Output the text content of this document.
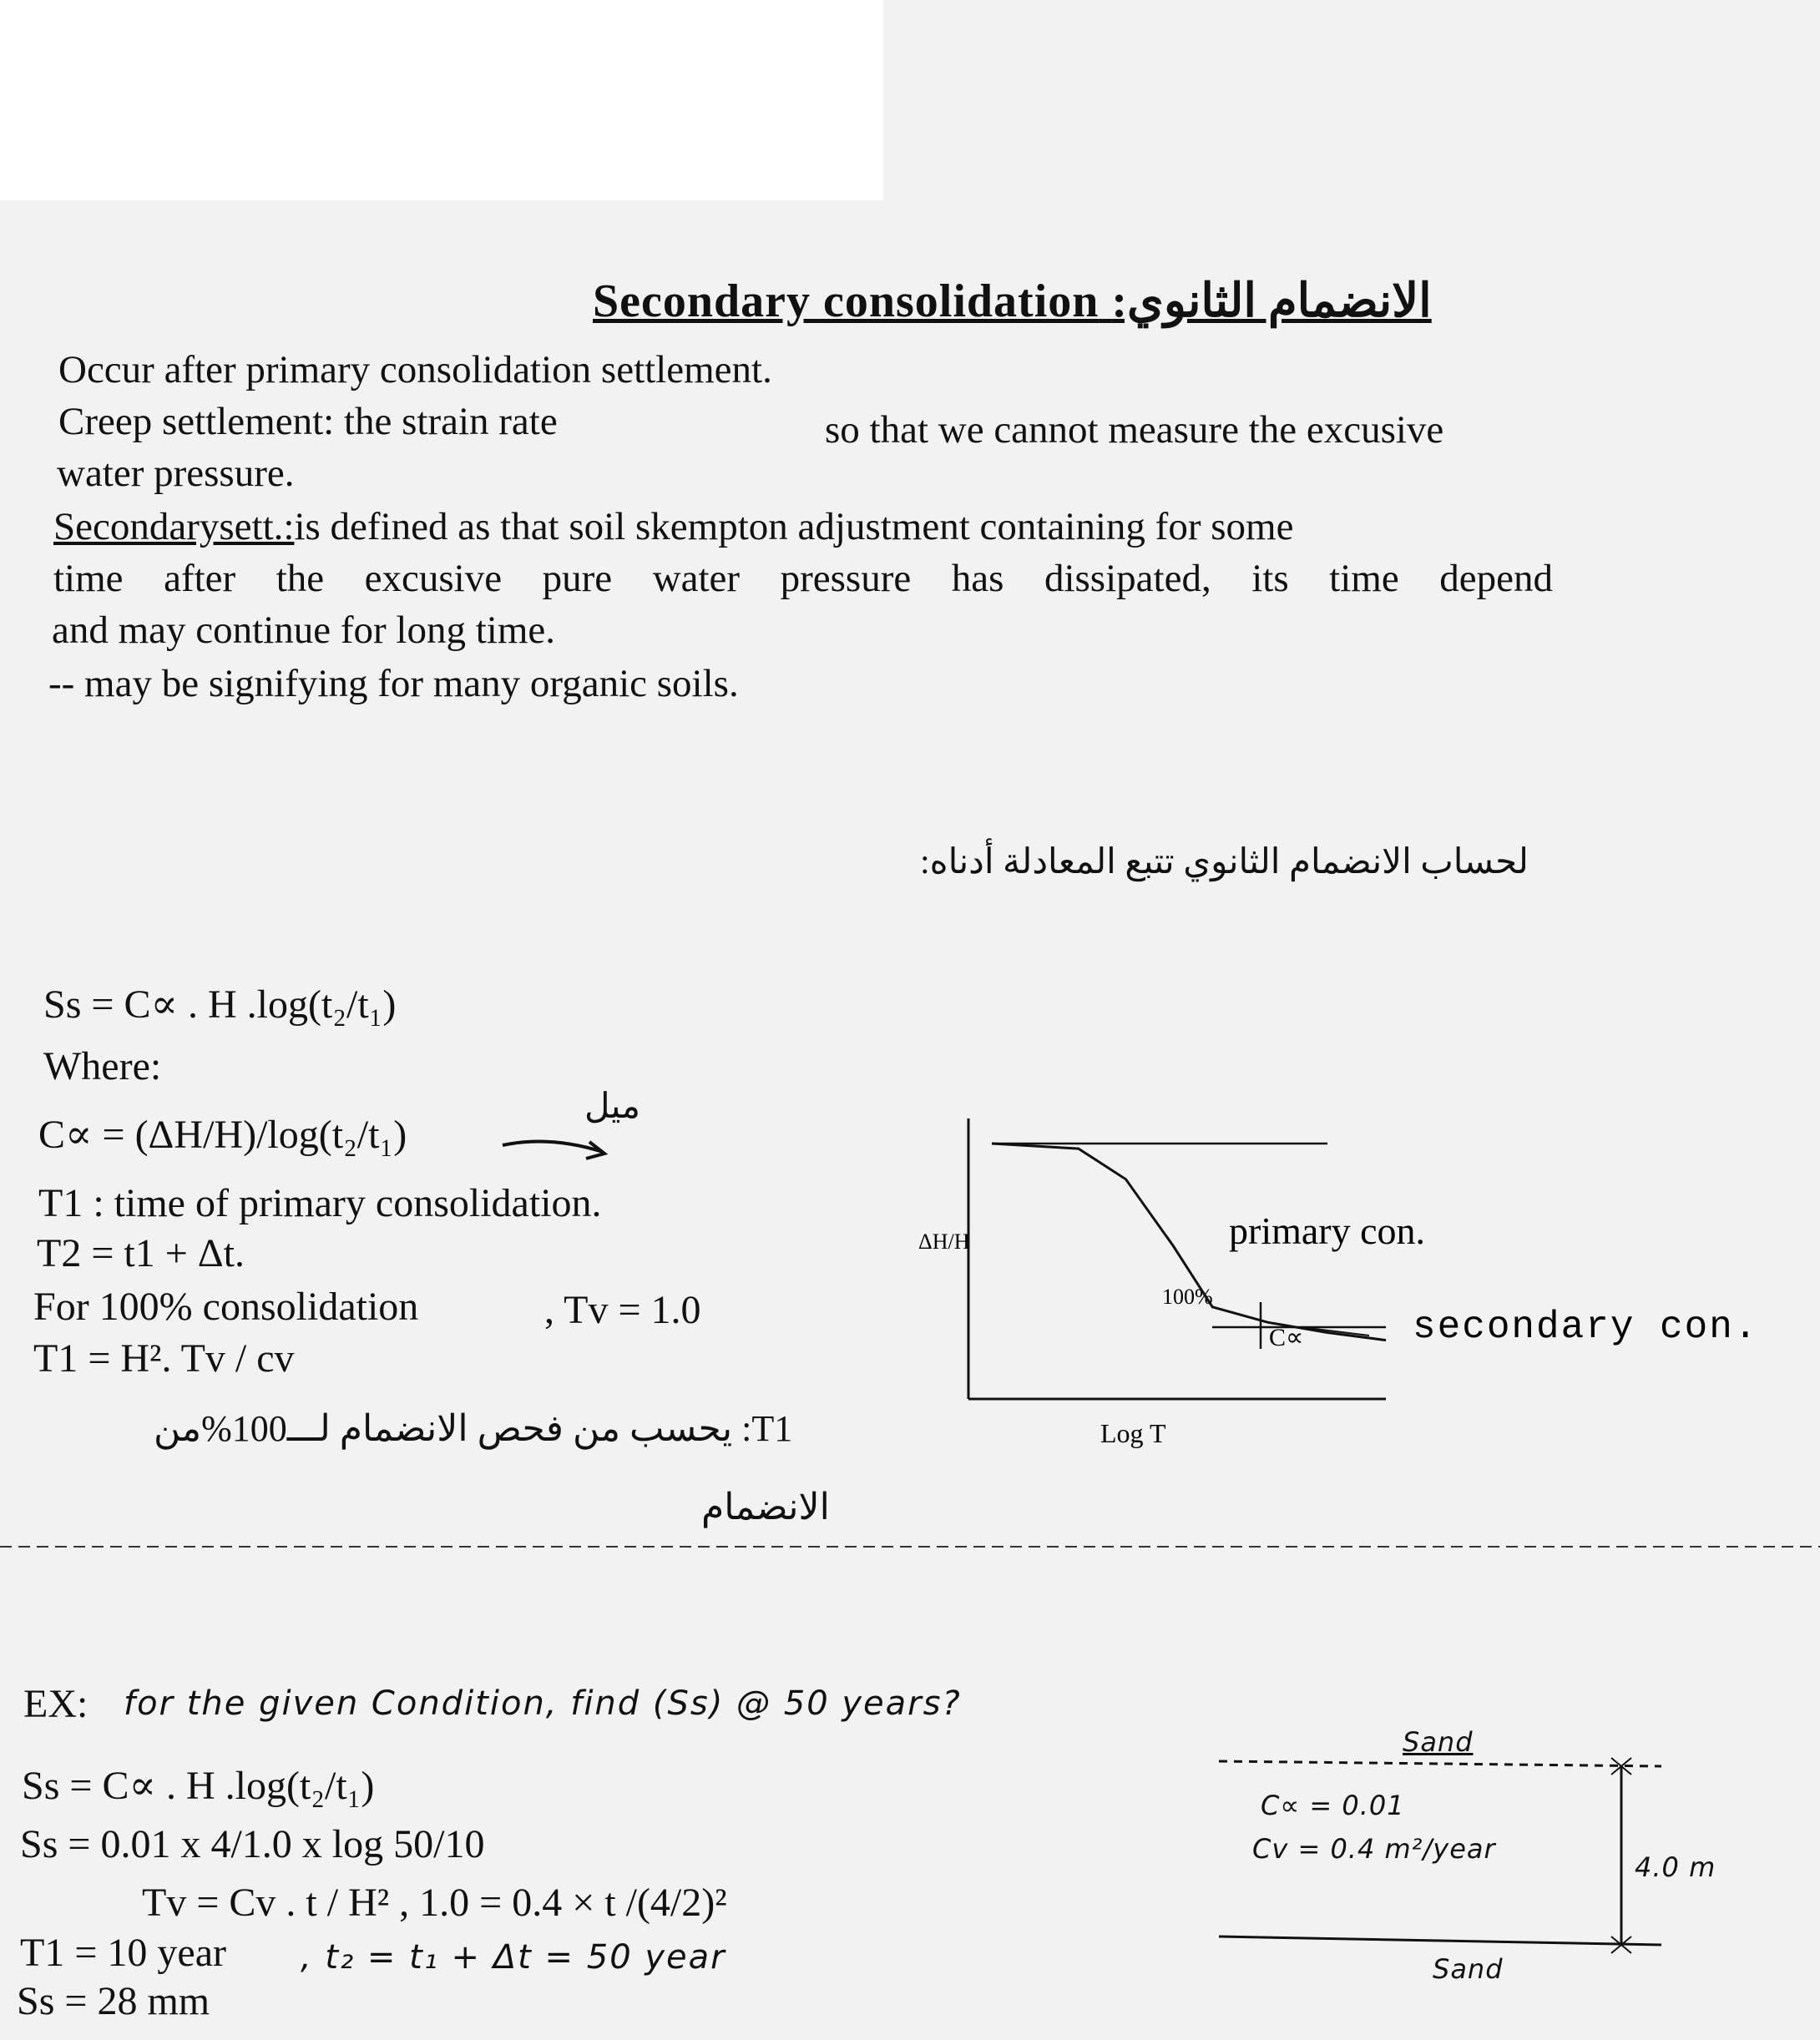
Secondary consolidation الانضمام الثانوي:
Occur after primary consolidation settlement.
Creep settlement: the strain rate	so that we cannot measure the excusive
water pressure.
Secondarysett.:is defined as that soil skempton adjustment containing for some
time after the excusive pure water pressure has dissipated, its time depend
and may continue for long time.
-- may be signifying for many organic soils.
لحساب الانضمام الثانوي تتبع المعادلة أدناه:
Ss = C∝ . H .log(t₂/t₁)
Where:
C∝ = (ΔH/H)/log(t₂/t₁)
ميل
T1 : time of primary consolidation.
T2 = t1 + Δt.
For 100% consolidation	, Tv = 1.0
T1 = H². Tv / cv
T1: يحسب من فحص الانضمام لـــ100%من
الانضمام
ΔH/H
Log T
primary con.
secondary con.
100%
C∝
EX: for the given Condition, find (Ss) @ 50 years?
Ss = C∝ . H .log(t₂/t₁)
Ss = 0.01 x 4/1.0 x log 50/10
Tv = Cv . t / H² , 1.0 = 0.4 × t /(4/2)²
T1 = 10 year , t₂ = t₁ + Δt = 50 year
Ss = 28 mm
Sand
C∝ = 0.01
Cv = 0.4 m²/year
4.0 m
Sand
